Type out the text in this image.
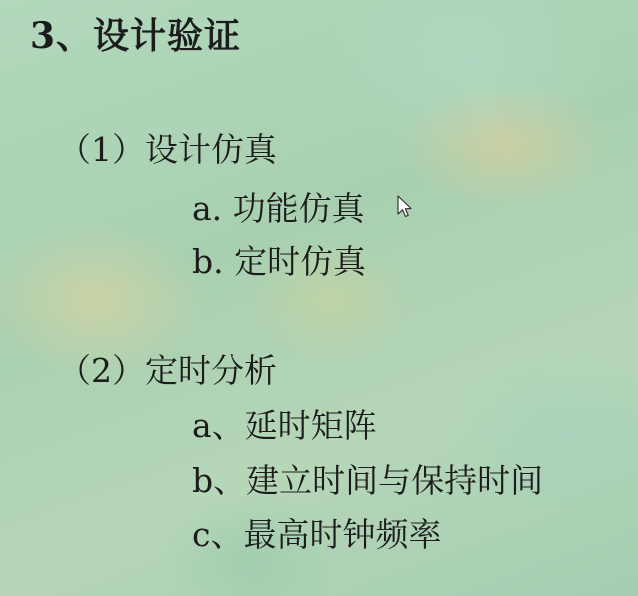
3、设计验证
（1）设计仿真
a. 功能仿真
b. 定时仿真
（2）定时分析
a、延时矩阵
b、建立时间与保持时间
c、最高时钟频率
